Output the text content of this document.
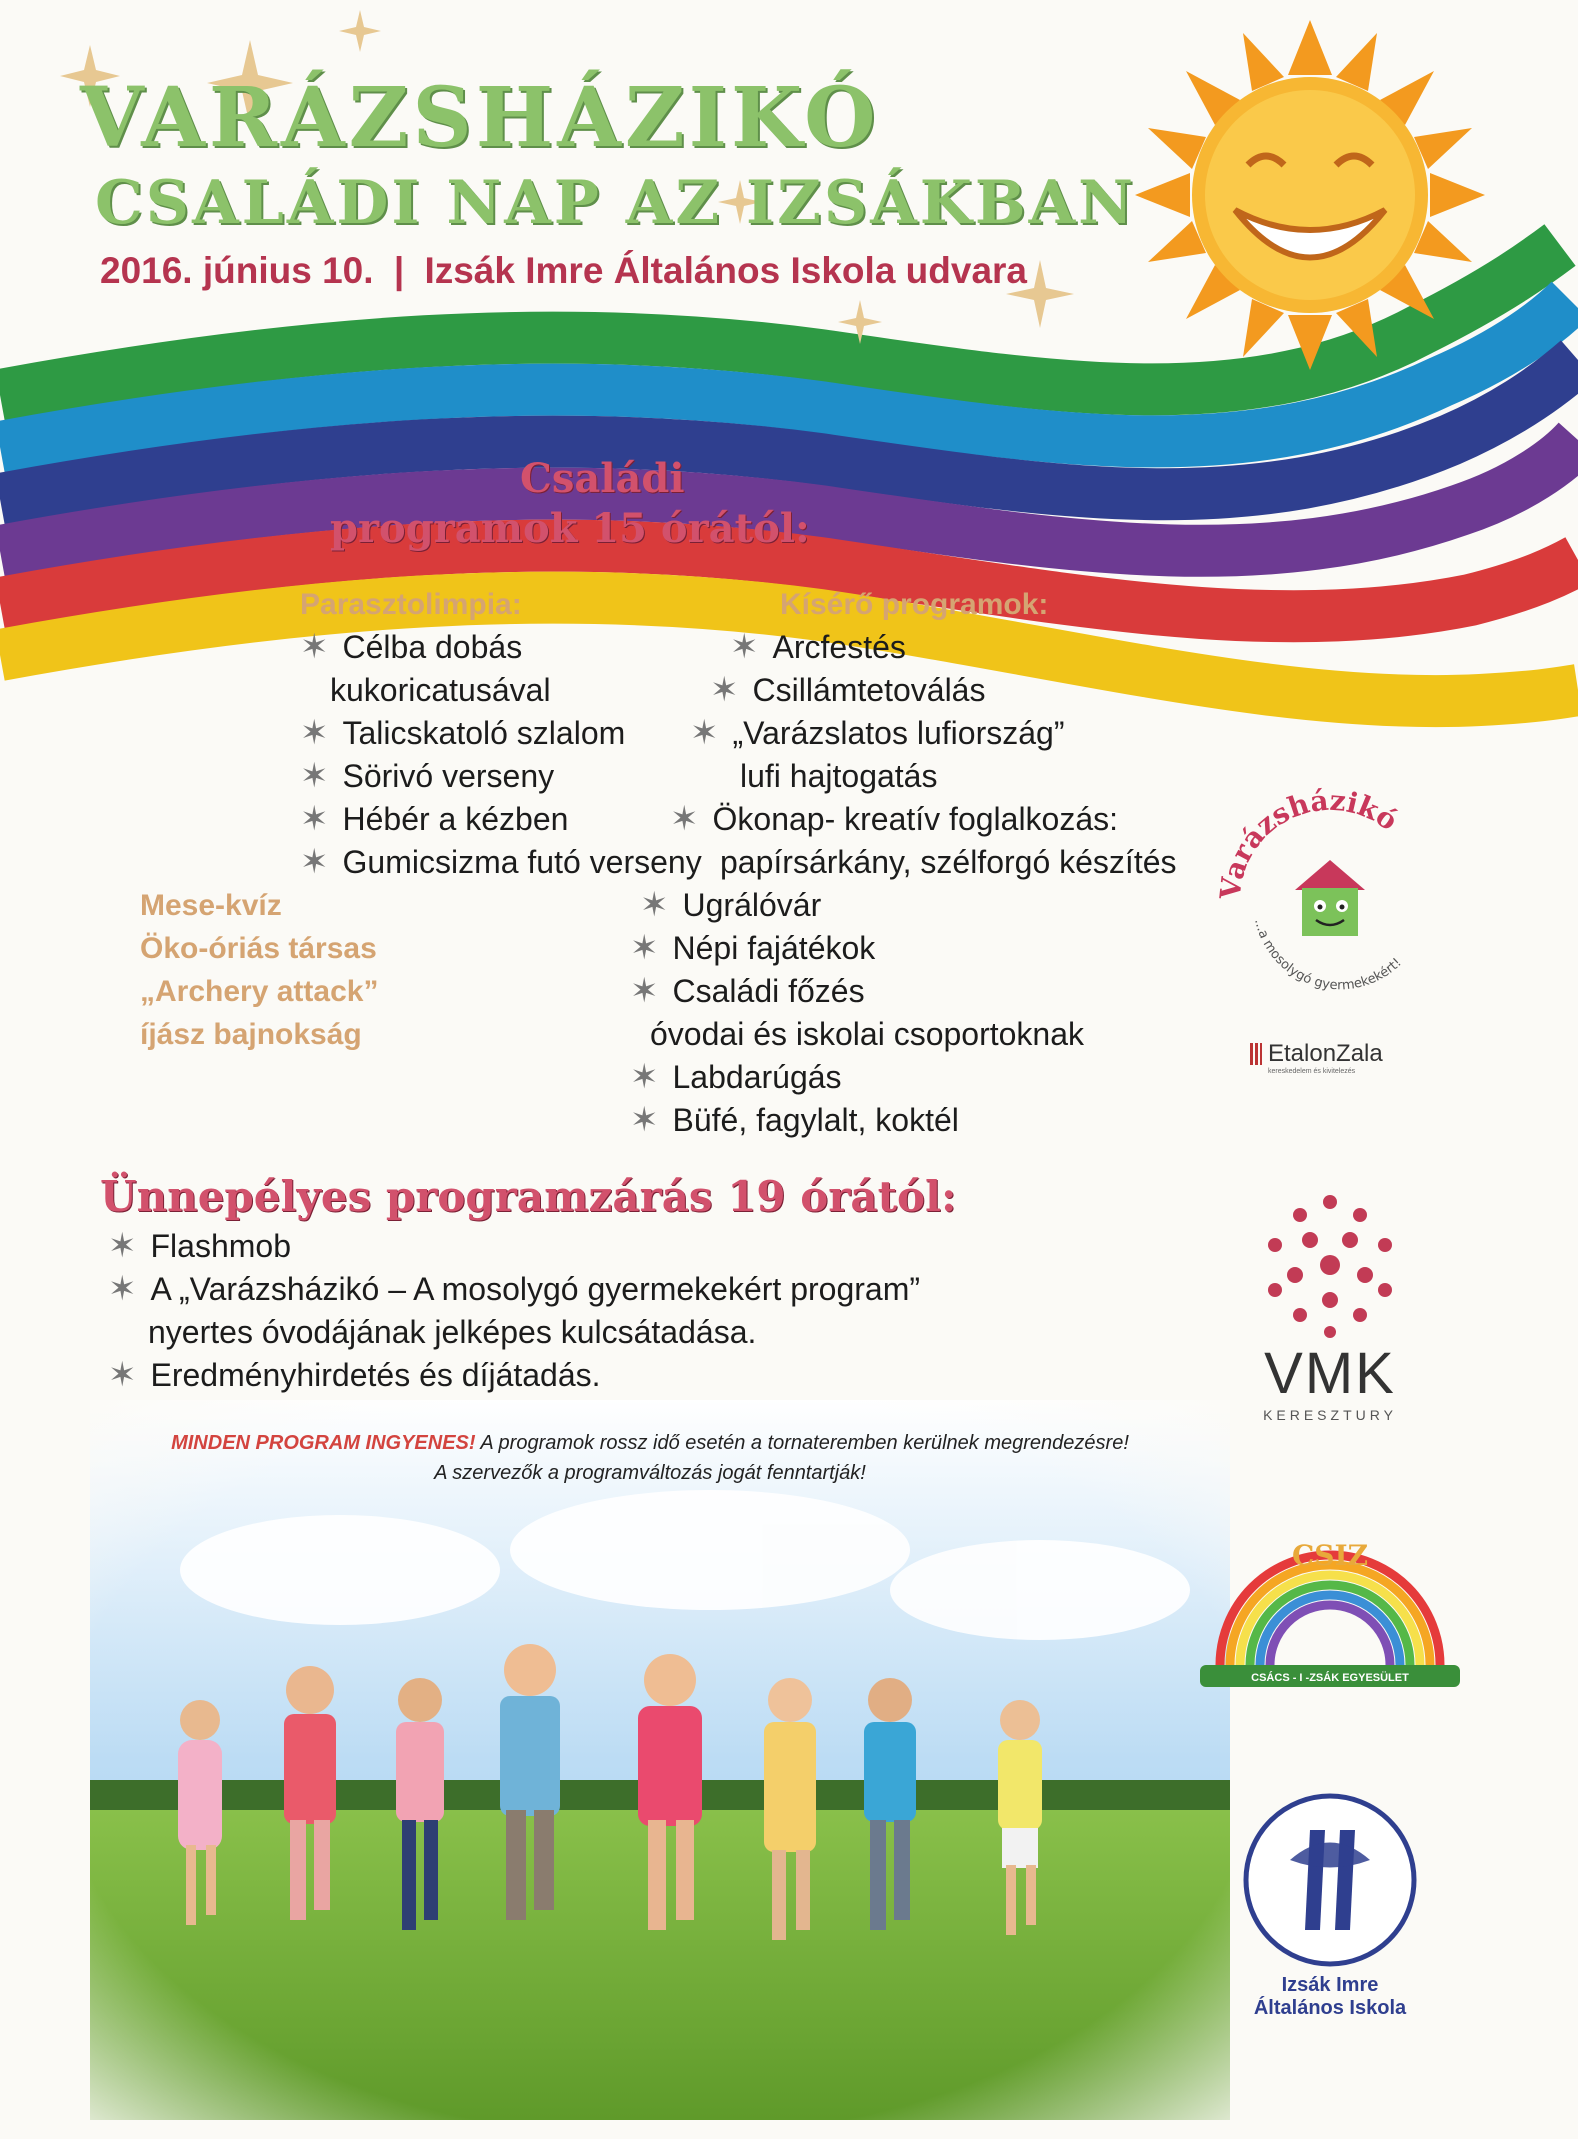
VARÁZSHÁZIKÓ
CSALÁDI NAP AZ IZSÁKBAN
2016. június 10. | Izsák Imre Általános Iskola udvara
Családi
programok 15 órától:
Parasztolimpia:
✶ Célba dobás
kukoricatusával
✶ Talicskatoló szlalom
✶ Sörivó verseny
✶ Hébér a kézben
✶ Gumicsizma futó verseny
Mese-kvíz
Öko-óriás társas
„Archery attack”
íjász bajnokság
Kísérő programok:
✶ Arcfestés
✶ Csillámtetoválás
✶ „Varázslatos lufiország”
lufi hajtogatás
✶ Ökonap- kreatív foglalkozás:
papírsárkány, szélforgó készítés
✶ Ugrálóvár
✶ Népi fajátékok
✶ Családi főzés
óvodai és iskolai csoportoknak
✶ Labdarúgás
✶ Büfé, fagylalt, koktél
Ünnepélyes programzárás 19 órától:
✶ Flashmob
✶ A „Varázsházikó – A mosolygó gyermekekért program”
nyertes óvodájának jelképes kulcsátadása.
✶ Eredményhirdetés és díjátadás.
MINDEN PROGRAM INGYENES! A programok rossz idő esetén a tornateremben kerülnek megrendezésre!
A szervezők a programváltozás jogát fenntartják!
Varázsházikó
...a mosolygó gyermekekért!
EtalonZala
kereskedelem és kivitelezés
VMK
KERESZTURY
CSIZ
CSÁCS - I -ZSÁK EGYESÜLET
Izsák Imre
Általános Iskola
